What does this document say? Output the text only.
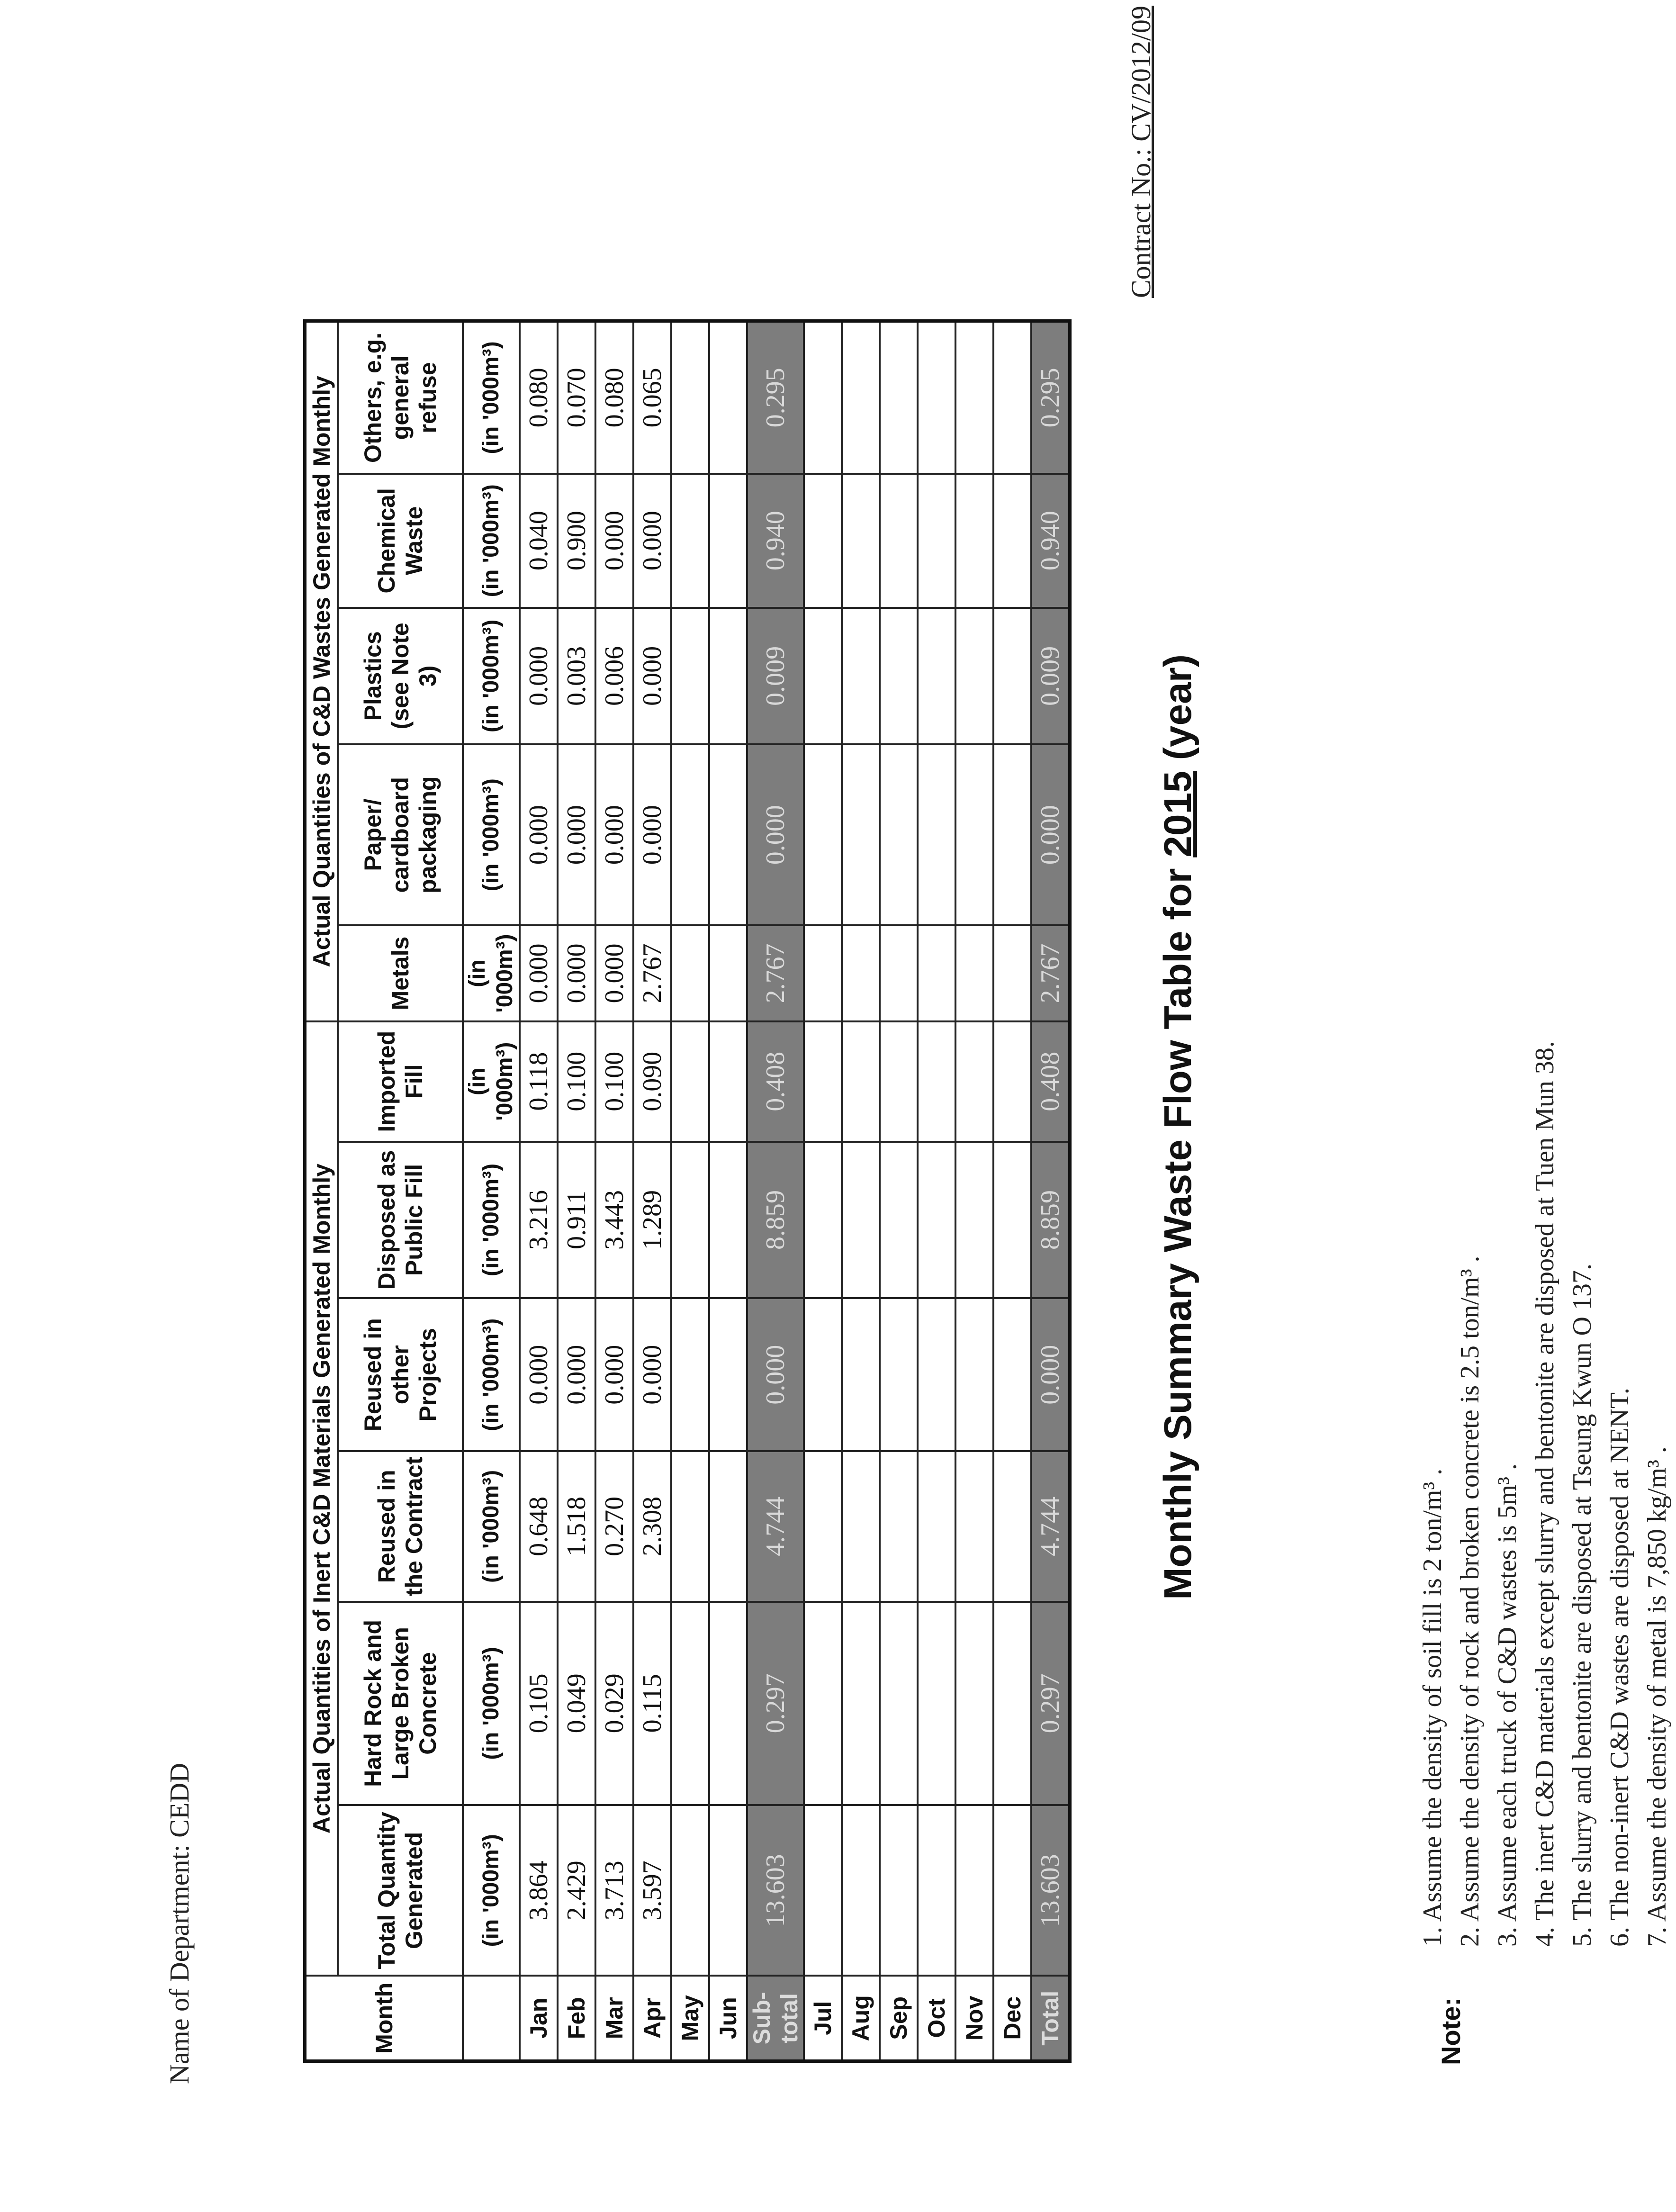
Name of Department: CEDD
Contract No.: CV/2012/09
Monthly Summary Waste Flow Table for 2015 (year)
Month	Actual Quantities of Inert C&D Materials Generated Monthly						Actual Quantities of C&D Wastes Generated Monthly				
	Total Quantity Generated	Hard Rock and Large Broken Concrete	Reused in the Contract	Reused in other Projects	Disposed as Public Fill	Imported Fill	Metals	Paper/ cardboard packaging	Plastics (see Note 3)	Chemical Waste	Others, e.g. general refuse
	(in '000m³)	(in '000m³)	(in '000m³)	(in '000m³)	(in '000m³)	(in '000m³)	(in '000m³)	(in '000m³)	(in '000m³)	(in '000m³)	(in '000m³)
Jan	3.864	0.105	0.648	0.000	3.216	0.118	0.000	0.000	0.000	0.040	0.080
Feb	2.429	0.049	1.518	0.000	0.911	0.100	0.000	0.000	0.003	0.900	0.070
Mar	3.713	0.029	0.270	0.000	3.443	0.100	0.000	0.000	0.006	0.000	0.080
Apr	3.597	0.115	2.308	0.000	1.289	0.090	2.767	0.000	0.000	0.000	0.065
May											
Jun											
Sub-total	13.603	0.297	4.744	0.000	8.859	0.408	2.767	0.000	0.009	0.940	0.295
Jul											
Aug											
Sep											
Oct											
Nov											
Dec											
Total	13.603	0.297	4.744	0.000	8.859	0.408	2.767	0.000	0.009	0.940	0.295
Note:
1. Assume the density of soil fill is 2 ton/m³ . 2. Assume the density of rock and broken concrete is 2.5 ton/m³ . 3. Assume each truck of C&D wastes is 5m³ . 4. The inert C&D materials except slurry and bentonite are disposed at Tuen Mun 38. 5. The slurry and bentonite are disposed at Tseung Kwun O 137. 6. The non-inert C&D wastes are disposed at NENT. 7. Assume the density of metal is 7,850 kg/m³ .
